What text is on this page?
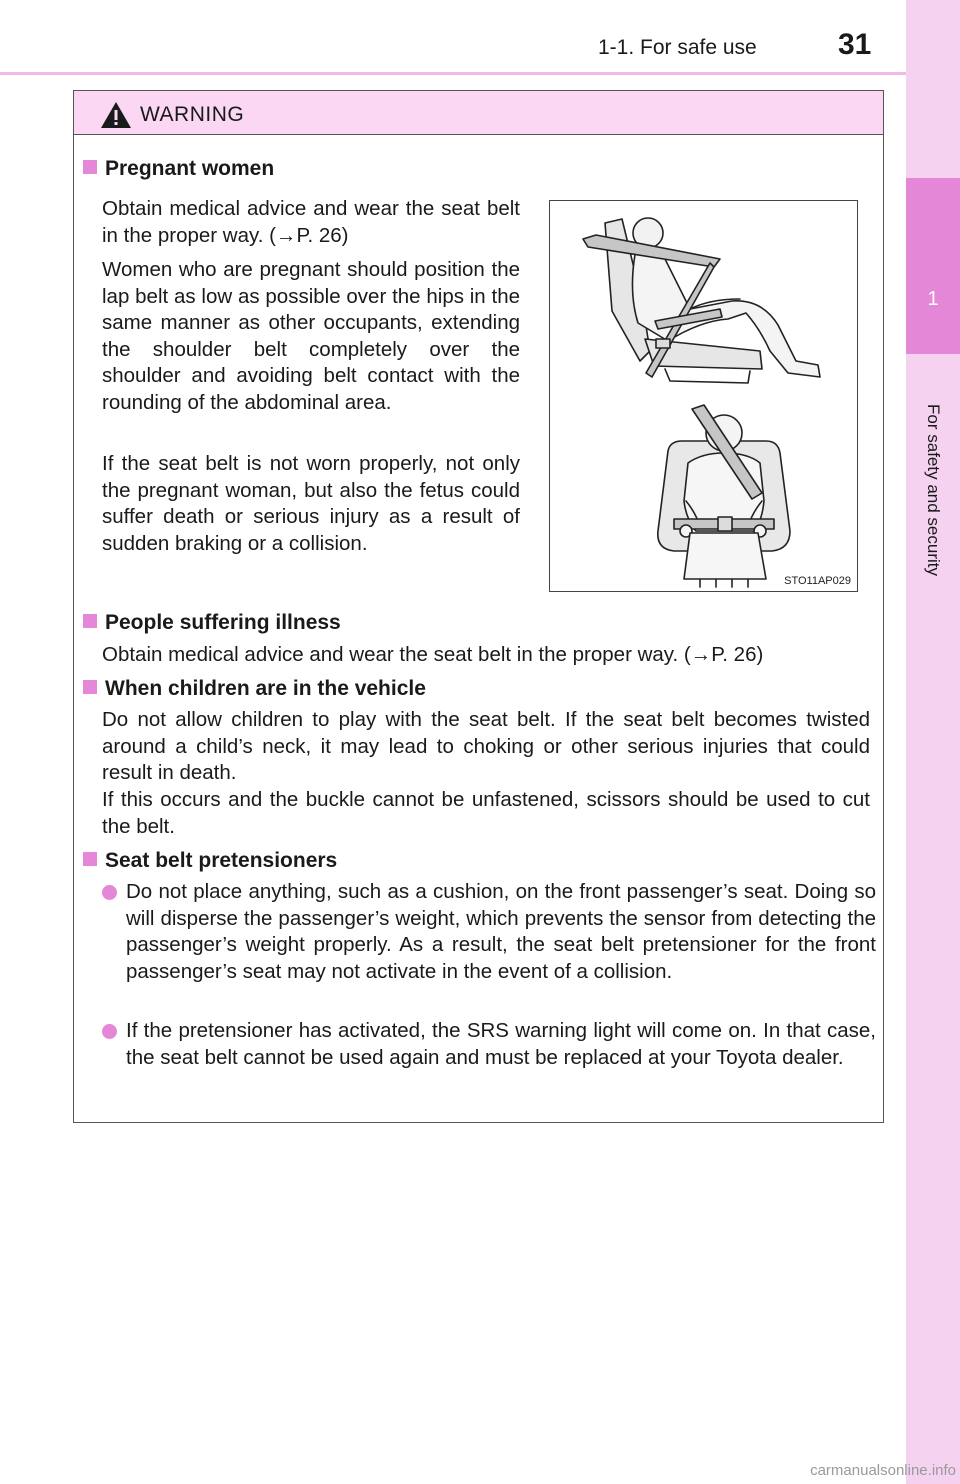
1-1. For safe use	31
1
For safety and security
WARNING
Pregnant women
Obtain medical advice and wear the seat belt in the proper way. (→P. 26)
Women who are pregnant should position the lap belt as low as possible over the hips in the same manner as other occupants, extending the shoulder belt completely over the shoulder and avoiding belt contact with the rounding of the abdominal area.
If the seat belt is not worn properly, not only the pregnant woman, but also the fetus could suffer death or serious injury as a result of sudden braking or a collision.
STO11AP029
People suffering illness
Obtain medical advice and wear the seat belt in the proper way. (→P. 26)
When children are in the vehicle
Do not allow children to play with the seat belt. If the seat belt becomes twisted around a child’s neck, it may lead to choking or other serious injuries that could result in death.
If this occurs and the buckle cannot be unfastened, scissors should be used to cut the belt.
Seat belt pretensioners
Do not place anything, such as a cushion, on the front passenger’s seat. Doing so will disperse the passenger’s weight, which prevents the sensor from detecting the passenger’s weight properly. As a result, the seat belt pretensioner for the front passenger’s seat may not activate in the event of a collision.
If the pretensioner has activated, the SRS warning light will come on. In that case, the seat belt cannot be used again and must be replaced at your Toyota dealer.
carmanualsonline.info
